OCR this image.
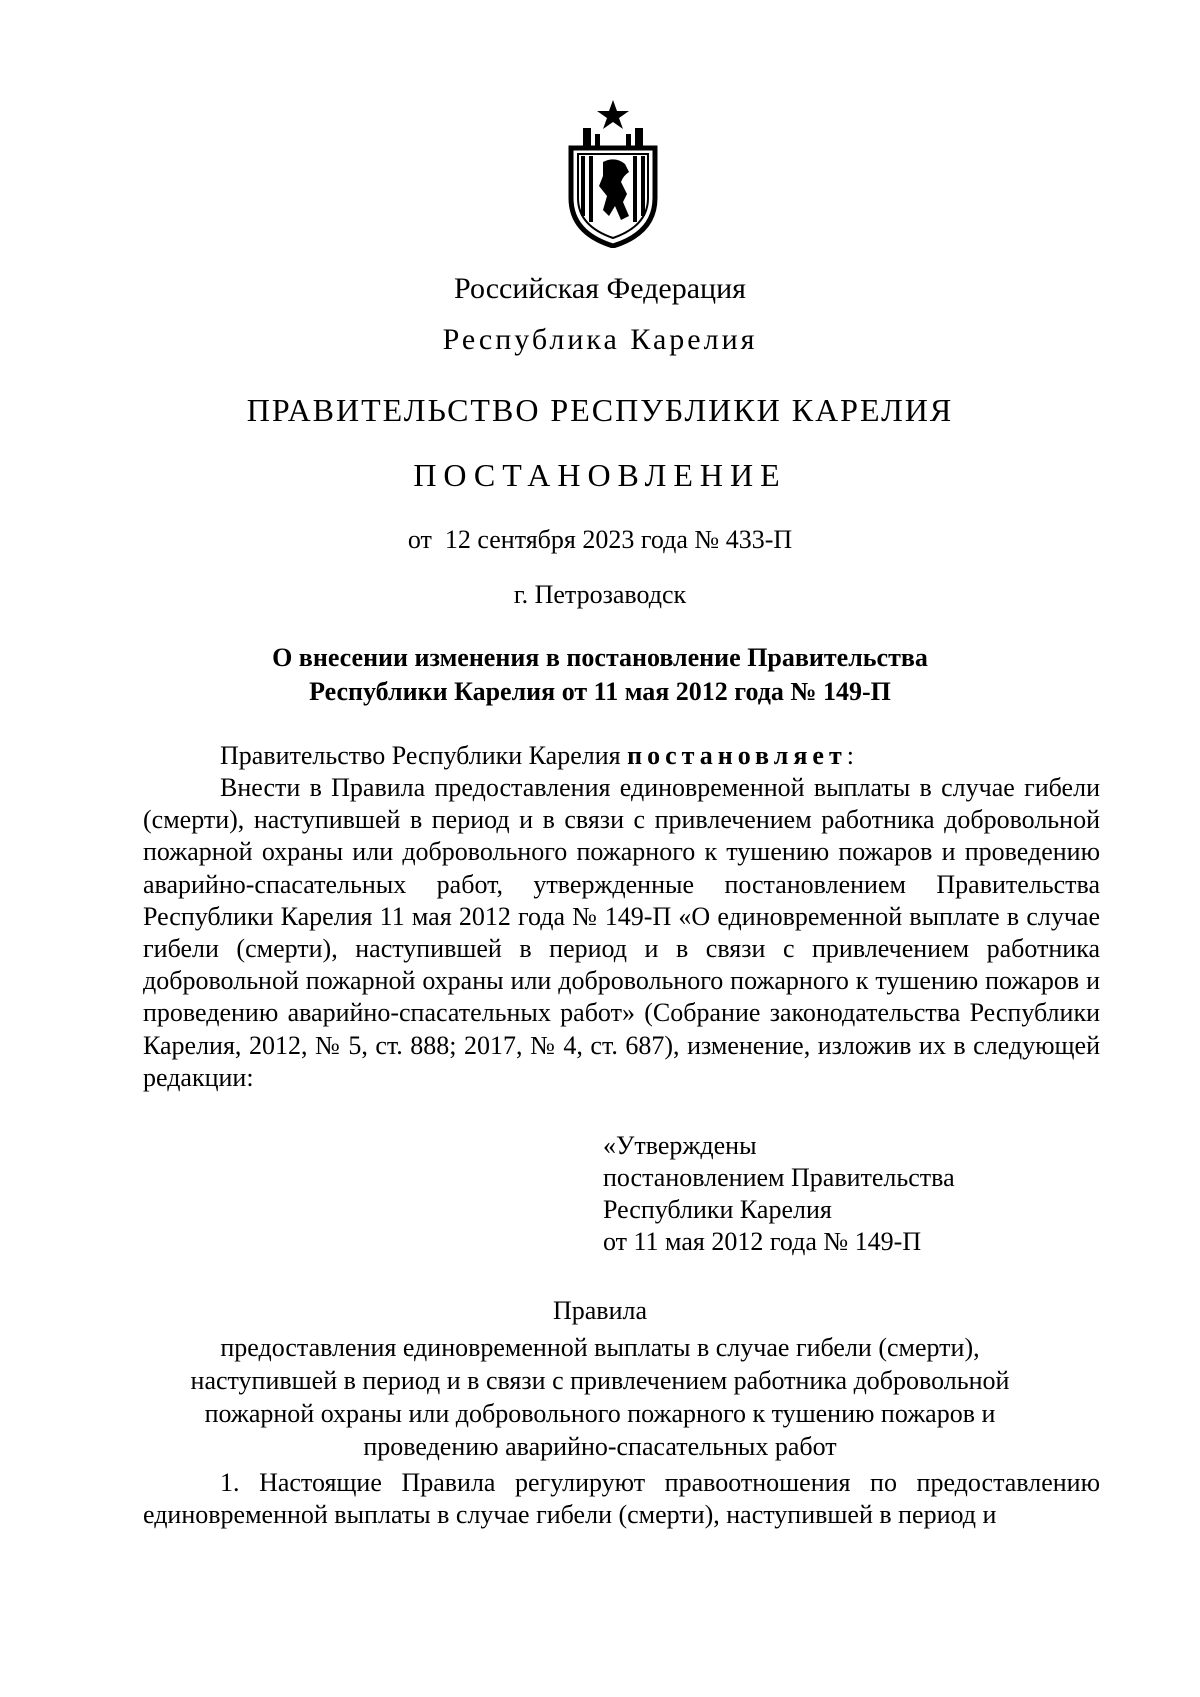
Российская Федерация
Республика Карелия
ПРАВИТЕЛЬСТВО РЕСПУБЛИКИ КАРЕЛИЯ
ПОСТАНОВЛЕНИЕ
от  12 сентября 2023 года № 433-П
г. Петрозаводск
О внесении изменения в постановление Правительства
Республики Карелия от 11 мая 2012 года № 149-П
Правительство Республики Карелия постановляет:
Внести в Правила предоставления единовременной выплаты в случае гибели (смерти), наступившей в период и в связи с привлечением работника добровольной пожарной охраны или добровольного пожарного к тушению пожаров и проведению аварийно-спасательных работ, утвержденные постановлением Правительства Республики Карелия 11 мая 2012 года № 149-П «О единовременной выплате в случае гибели (смерти), наступившей в период и в связи с привлечением работника добровольной пожарной охраны или добровольного пожарного к тушению пожаров и проведению аварийно-спасательных работ» (Собрание законодательства Республики Карелия, 2012, № 5, ст. 888; 2017, № 4, ст. 687), изменение, изложив их в следующей редакции:
«Утверждены
постановлением Правительства
Республики Карелия
от 11 мая 2012 года № 149-П
Правила
предоставления единовременной выплаты в случае гибели (смерти),
наступившей в период и в связи с привлечением работника добровольной
пожарной охраны или добровольного пожарного к тушению пожаров и
проведению аварийно-спасательных работ
1. Настоящие Правила регулируют правоотношения по предоставлению единовременной выплаты в случае гибели (смерти), наступившей в период и
